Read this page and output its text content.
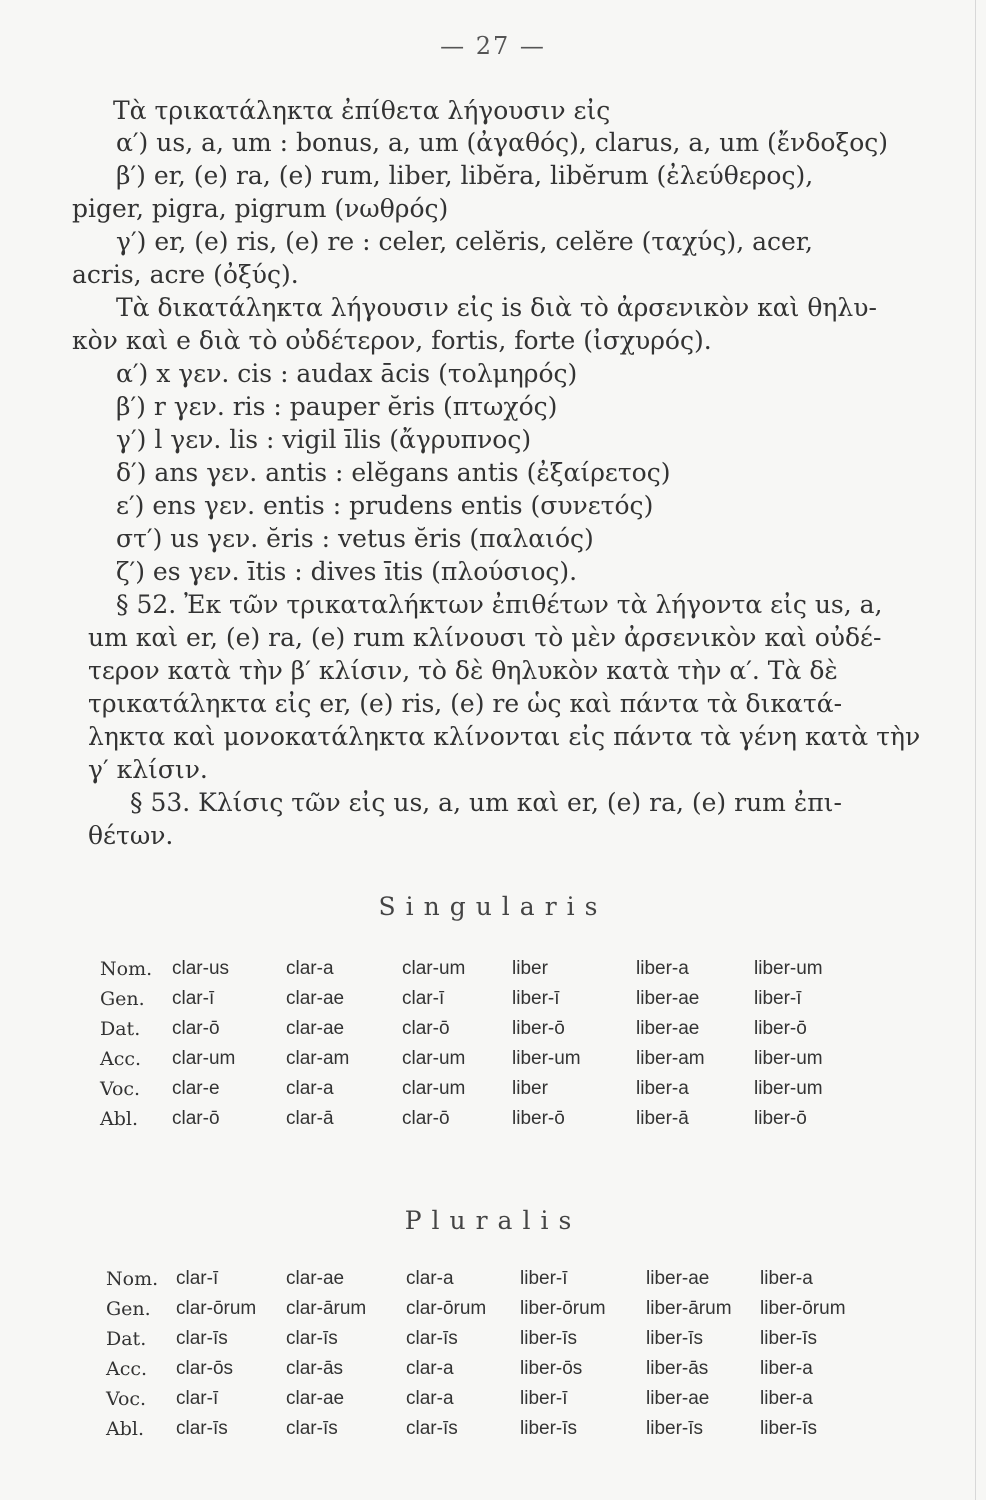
— 27 —
Τὰ τρικατάληκτα ἐπίθετα λήγουσιν εἰς
α′) us, a, um : bonus, a, um (ἀγαθός), clarus, a, um (ἔνδοξος)
β′) er, (e) ra, (e) rum, liber, libĕra, libĕrum (ἐλεύθερος),
piger, pigra, pigrum (νωθρός)
γ′) er, (e) ris, (e) re : celer, celĕris, celĕre (ταχύς), acer,
acris, acre (ὀξύς).
Τὰ δικατάληκτα λήγουσιν εἰς is διὰ τὸ ἀρσενικὸν καὶ θηλυ-
κὸν καὶ e διὰ τὸ οὐδέτερον, fortis, forte (ἰσχυρός).
α′) x γεν. cis : audax ācis (τολμηρός)
β′) r γεν. ris : pauper ĕris (πτωχός)
γ′) l γεν. lis : vigil īlis (ἄγρυπνος)
δ′) ans γεν. antis : elĕgans antis (ἐξαίρετος)
ε′) ens γεν. entis : prudens entis (συνετός)
στ′) us γεν. ĕris : vetus ĕris (παλαιός)
ζ′) es γεν. ītis : dives ītis (πλούσιος).
§ 52. Ἐκ τῶν τρικαταλήκτων ἐπιθέτων τὰ λήγοντα εἰς us, a,
um καὶ er, (e) ra, (e) rum κλίνουσι τὸ μὲν ἀρσενικὸν καὶ οὐδέ-
τερον κατὰ τὴν β′ κλίσιν, τὸ δὲ θηλυκὸν κατὰ τὴν α′. Τὰ δὲ
τρικατάληκτα εἰς er, (e) ris, (e) re ὡς καὶ πάντα τὰ δικατά-
ληκτα καὶ μονοκατάληκτα κλίνονται εἰς πάντα τὰ γένη κατὰ τὴν
γ′ κλίσιν.
§ 53. Κλίσις τῶν εἰς us, a, um καὶ er, (e) ra, (e) rum ἐπι-
θέτων.
Singularis
Nom. clar-us	clar-a	clar-um liber	liber-a	liber-um
Gen. clar-ī	clar-ae	clar-ī	liber-ī	liber-ae	liber-ī
Dat. clar-ō	clar-ae	clar-ō	liber-ō	liber-ae	liber-ō
Acc. clar-um	clar-am	clar-um liber-um	liber-am	liber-um
Voc. clar-e	clar-a	clar-um liber	liber-a	liber-um
Abl. clar-ō	clar-ā	clar-ō	liber-ō	liber-ā	liber-ō
Pluralis
Nom. clar-ī	clar-ae	clar-a	liber-ī	liber-ae	liber-a
Gen. clar-ōrum clar-ārum clar-ōrum liber-ōrum liber-ārum liber-ōrum
Dat. clar-īs	clar-īs	clar-īs	liber-īs	liber-īs	liber-īs
Acc. clar-ōs	clar-ās	clar-a	liber-ōs	liber-ās	liber-a
Voc. clar-ī	clar-ae	clar-a	liber-ī	liber-ae	liber-a
Abl. clar-īs	clar-īs	clar-īs	liber-īs	liber-īs	liber-īs
